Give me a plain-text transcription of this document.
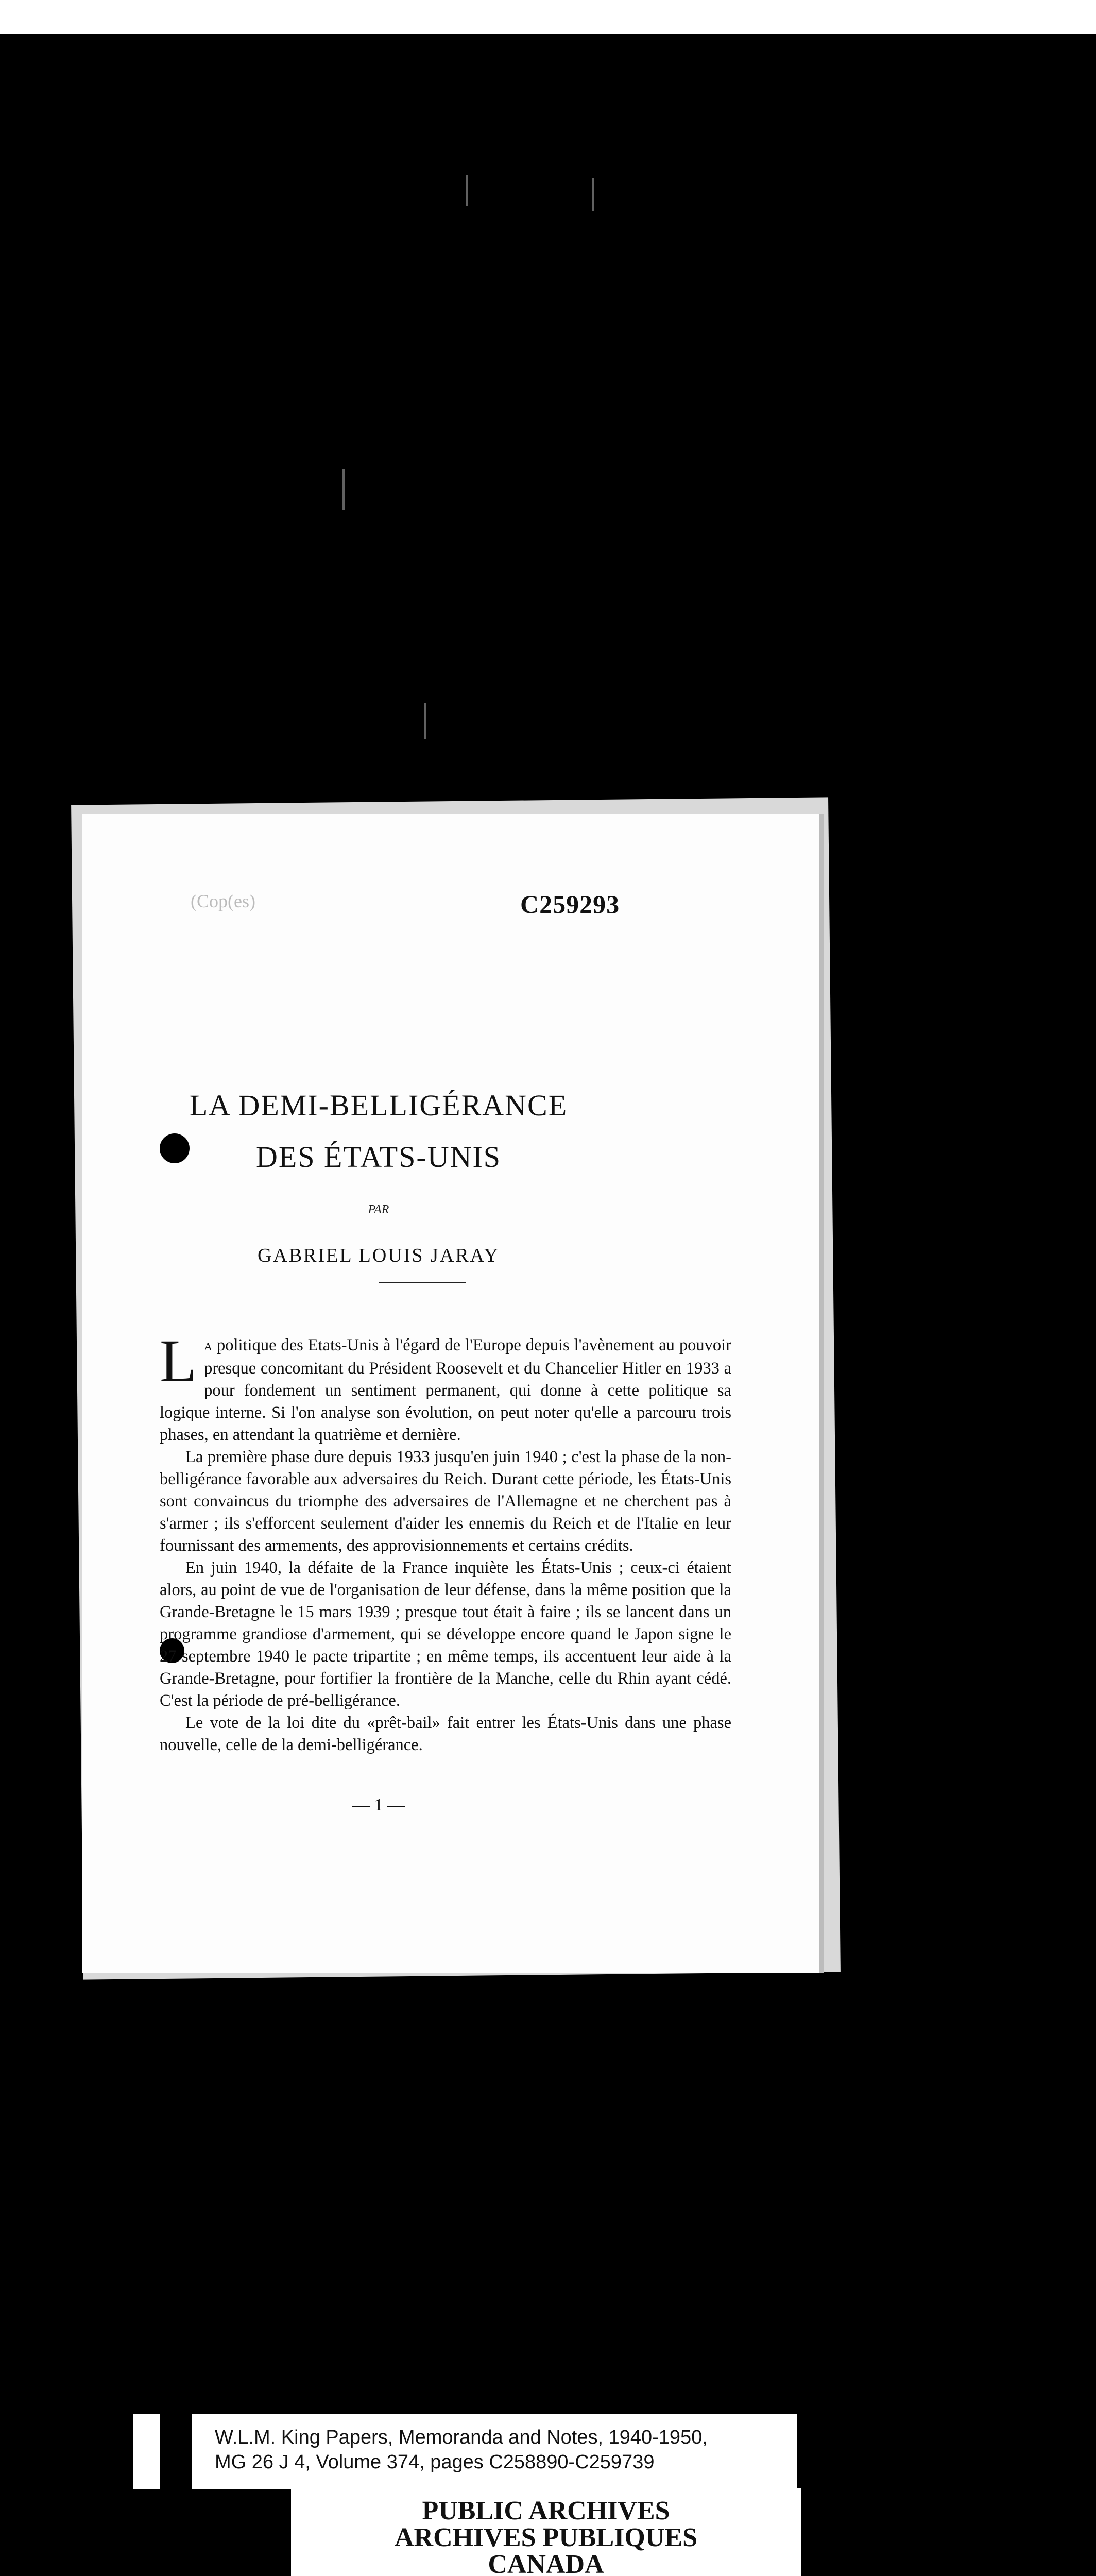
(Cop(es)	C259293
LA DEMI-BELLIGÉRANCE
DES ÉTATS-UNIS
PAR
GABRIEL LOUIS JARAY

L A politique des Etats-Unis à l'égard de l'Europe depuis l'avènement au pouvoir presque concomitant du Président Roosevelt et du Chancelier Hitler en 1933 a pour fondement un sentiment permanent, qui donne à cette politique sa logique interne. Si l'on analyse son évolution, on peut noter qu'elle a parcouru trois phases, en attendant la quatrième et dernière.

La première phase dure depuis 1933 jusqu'en juin 1940 ; c'est la phase de la non-belligérance favorable aux adversaires du Reich. Durant cette période, les États-Unis sont convaincus du triomphe des adversaires de l'Allemagne et ne cherchent pas à s'armer ; ils s'efforcent seulement d'aider les ennemis du Reich et de l'Italie en leur fournissant des armements, des approvisionnements et certains crédits.

En juin 1940, la défaite de la France inquiète les États-Unis ; ceux-ci étaient alors, au point de vue de l'organisation de leur défense, dans la même position que la Grande-Bretagne le 15 mars 1939 ; presque tout était à faire ; ils se lancent dans un programme grandiose d'armement, qui se développe encore quand le Japon signe le 27 septembre 1940 le pacte tripartite ; en même temps, ils accentuent leur aide à la Grande-Bretagne, pour fortifier la frontière de la Manche, celle du Rhin ayant cédé. C'est la période de pré-belligérance.

Le vote de la loi dite du «prêt-bail» fait entrer les États-Unis dans une phase nouvelle, celle de la demi-belligérance.

— 1 —
W.L.M. King Papers, Memoranda and Notes, 1940-1950,
MG 26 J 4, Volume 374, pages C258890-C259739
PUBLIC ARCHIVES
ARCHIVES PUBLIQUES
CANADA
